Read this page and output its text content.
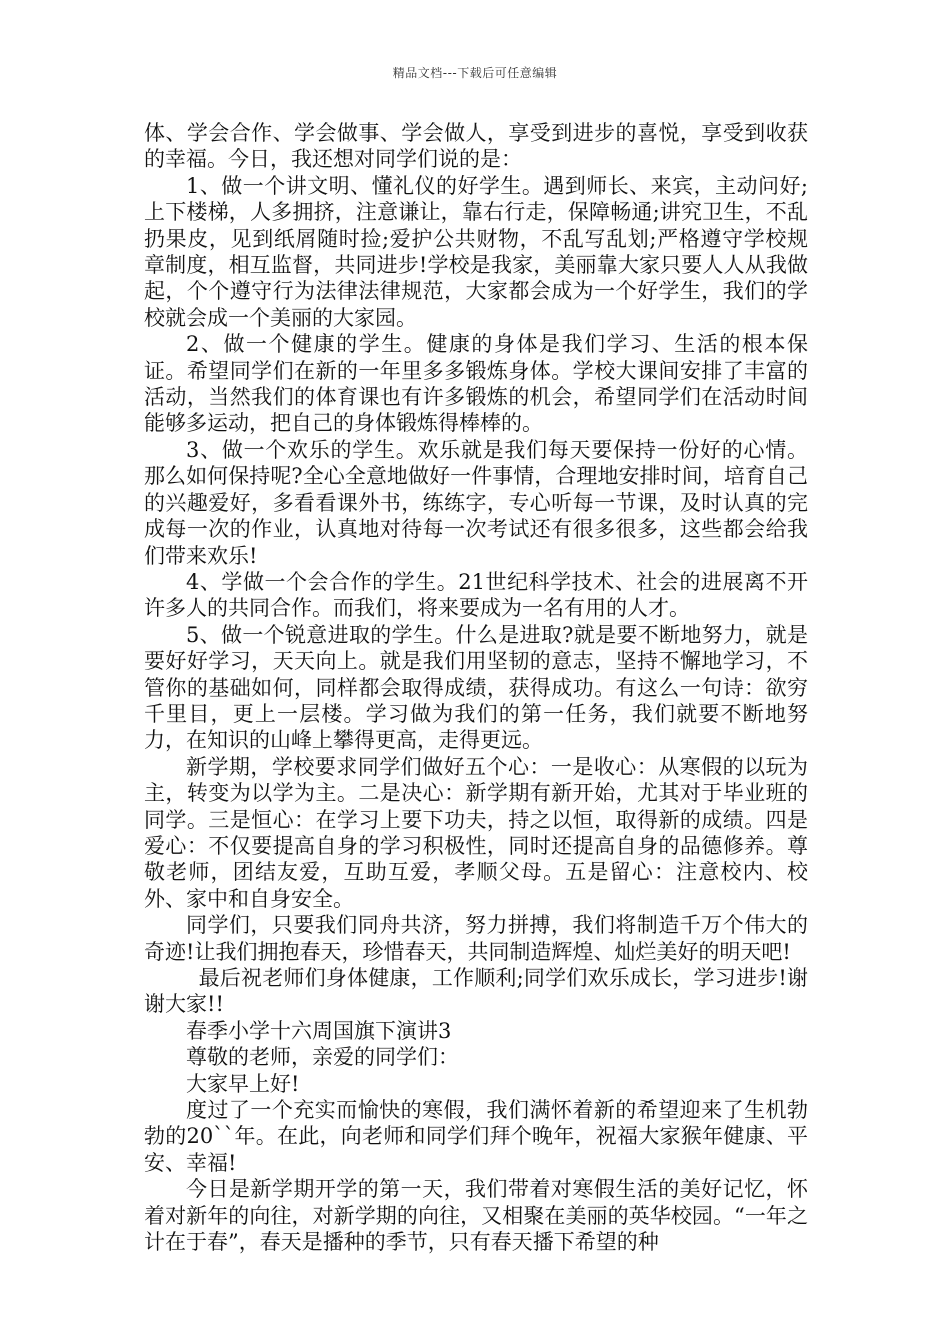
精品文档---下载后可任意编辑

体、学会合作、学会做事、学会做人，享受到进步的喜悦，享受到收获的幸福。今日，我还想对同学们说的是：

1、做一个讲文明、懂礼仪的好学生。遇到师长、来宾，主动问好;上下楼梯，人多拥挤，注意谦让，靠右行走，保障畅通;讲究卫生，不乱扔果皮，见到纸屑随时捡;爱护公共财物，不乱写乱划;严格遵守学校规章制度，相互监督，共同进步!学校是我家，美丽靠大家只要人人从我做起，个个遵守行为法律法律规范，大家都会成为一个好学生，我们的学校就会成一个美丽的大家园。

2、做一个健康的学生。健康的身体是我们学习、生活的根本保证。希望同学们在新的一年里多多锻炼身体。学校大课间安排了丰富的活动，当然我们的体育课也有许多锻炼的机会，希望同学们在活动时间能够多运动，把自己的身体锻炼得棒棒的。

3、做一个欢乐的学生。欢乐就是我们每天要保持一份好的心情。那么如何保持呢?全心全意地做好一件事情，合理地安排时间，培育自己的兴趣爱好，多看看课外书，练练字，专心听每一节课，及时认真的完成每一次的作业，认真地对待每一次考试还有很多很多，这些都会给我们带来欢乐!

4、学做一个会合作的学生。21世纪科学技术、社会的进展离不开许多人的共同合作。而我们，将来要成为一名有用的人才。

5、做一个锐意进取的学生。什么是进取?就是要不断地努力，就是要好好学习，天天向上。就是我们用坚韧的意志，坚持不懈地学习，不管你的基础如何，同样都会取得成绩，获得成功。有这么一句诗：欲穷千里目，更上一层楼。学习做为我们的第一任务，我们就要不断地努力，在知识的山峰上攀得更高，走得更远。

新学期，学校要求同学们做好五个心：一是收心：从寒假的以玩为主，转变为以学为主。二是决心：新学期有新开始，尤其对于毕业班的同学。三是恒心：在学习上要下功夫，持之以恒，取得新的成绩。四是爱心：不仅要提高自身的学习积极性，同时还提高自身的品德修养。尊敬老师，团结友爱，互助互爱，孝顺父母。五是留心：注意校内、校外、家中和自身安全。

同学们，只要我们同舟共济，努力拼搏，我们将制造千万个伟大的奇迹!让我们拥抱春天，珍惜春天，共同制造辉煌、灿烂美好的明天吧!

最后祝老师们身体健康，工作顺利;同学们欢乐成长，学习进步!谢谢大家!!

春季小学十六周国旗下演讲3

尊敬的老师，亲爱的同学们：

大家早上好!

度过了一个充实而愉快的寒假，我们满怀着新的希望迎来了生机勃勃的20``年。在此，向老师和同学们拜个晚年，祝福大家猴年健康、平安、幸福!

今日是新学期开学的第一天，我们带着对寒假生活的美好记忆，怀着对新年的向往，对新学期的向往，又相聚在美丽的英华校园。“一年之计在于春”，春天是播种的季节，只有春天播下希望的种
